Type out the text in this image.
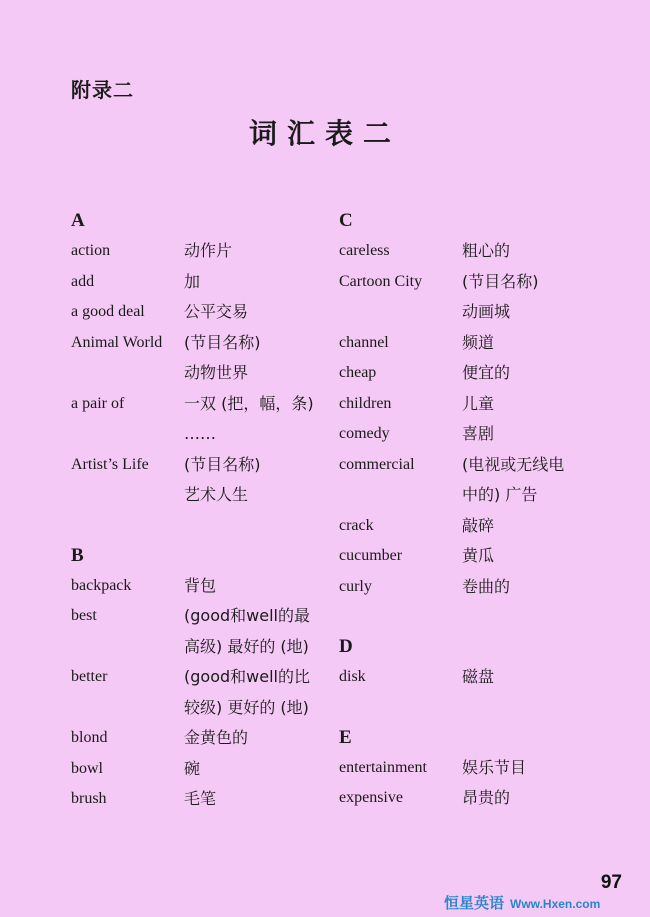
附录二
词汇表二
A
action	动作片
add	加
a good deal	公平交易
Animal World	(节目名称)
动物世界
a pair of	一双 (把，幅，条)
……
Artist’s Life	(节目名称)
艺术人生
B
backpack	背包
best	(good和well的最
高级) 最好的 (地)
better	(good和well的比
较级) 更好的 (地)
blond	金黄色的
bowl	碗
brush	毛笔
C
careless	粗心的
Cartoon City	(节目名称)
动画城
channel	频道
cheap	便宜的
children	儿童
comedy	喜剧
commercial	(电视或无线电
中的) 广告
crack	敲碎
cucumber	黄瓜
curly	卷曲的
D
disk	磁盘
E
entertainment	娱乐节目
expensive	昂贵的
97
恒星英语 Www.Hxen.com
